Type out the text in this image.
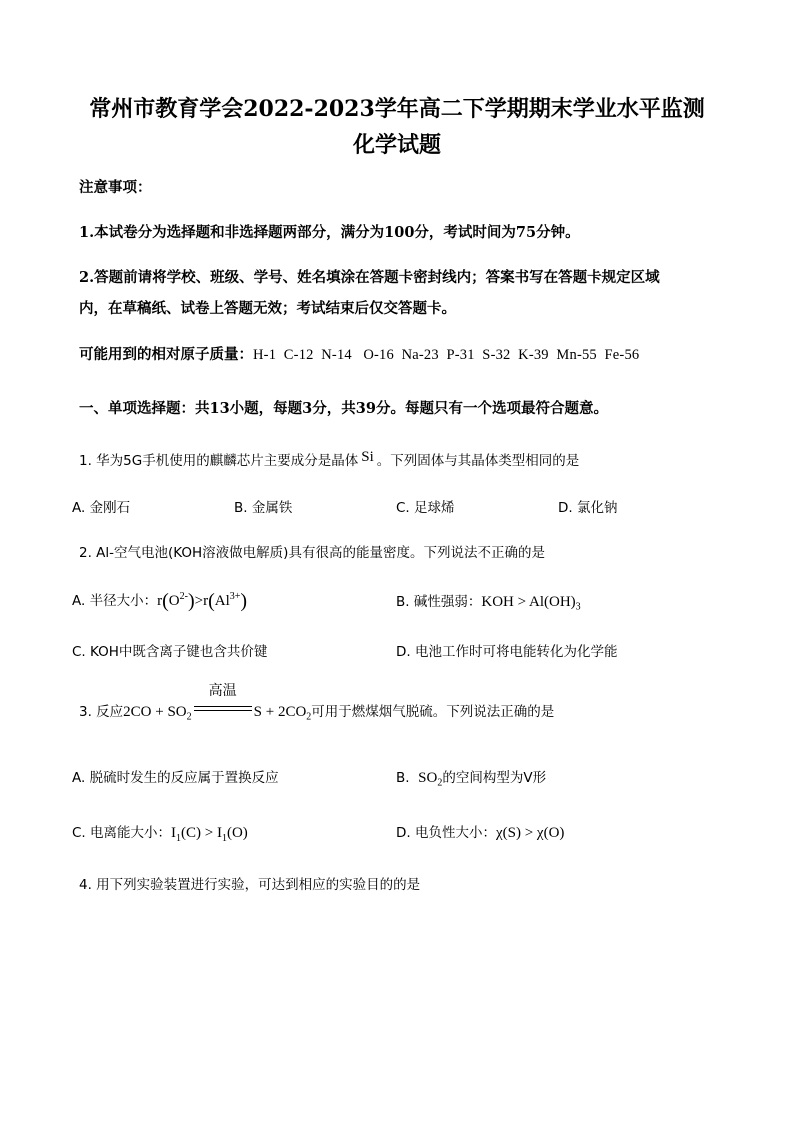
常州市教育学会2022-2023学年高二下学期期末学业水平监测
化学试题
注意事项：
1.本试卷分为选择题和非选择题两部分，满分为100分，考试时间为75分钟。
2.答题前请将学校、班级、学号、姓名填涂在答题卡密封线内；答案书写在答题卡规定区域
内，在草稿纸、试卷上答题无效；考试结束后仅交答题卡。
可能用到的相对原子质量：H-1  C-12  N-14   O-16  Na-23  P-31  S-32  K-39  Mn-55  Fe-56
一、单项选择题：共13小题，每题3分，共39分。每题只有一个选项最符合题意。
1. 华为5G手机使用的麒麟芯片主要成分是晶体 Si 。下列固体与其晶体类型相同的是
A. 金刚石	B. 金属铁	C. 足球烯	D. 氯化钠
2. Al-空气电池(KOH溶液做电解质)具有很高的能量密度。下列说法不正确的是
A. 半径大小：$r(O^{2-})>r(Al^{3+})$	B. 碱性强弱：KOH > $Al(OH)_3$
C. KOH中既含离子键也含共价键	D. 电池工作时可将电能转化为化学能
3. 反应$2CO + SO_2$
高温
$S + 2CO_2$可用于燃煤烟气脱硫。下列说法正确的是
A. 脱硫时发生的反应属于置换反应	B.  $SO_2$的空间构型为V形
C. 电离能大小：$I_1(C) > I_1(O)$	D. 电负性大小：χ(S) > χ(O)
4. 用下列实验装置进行实验，可达到相应的实验目的的是
